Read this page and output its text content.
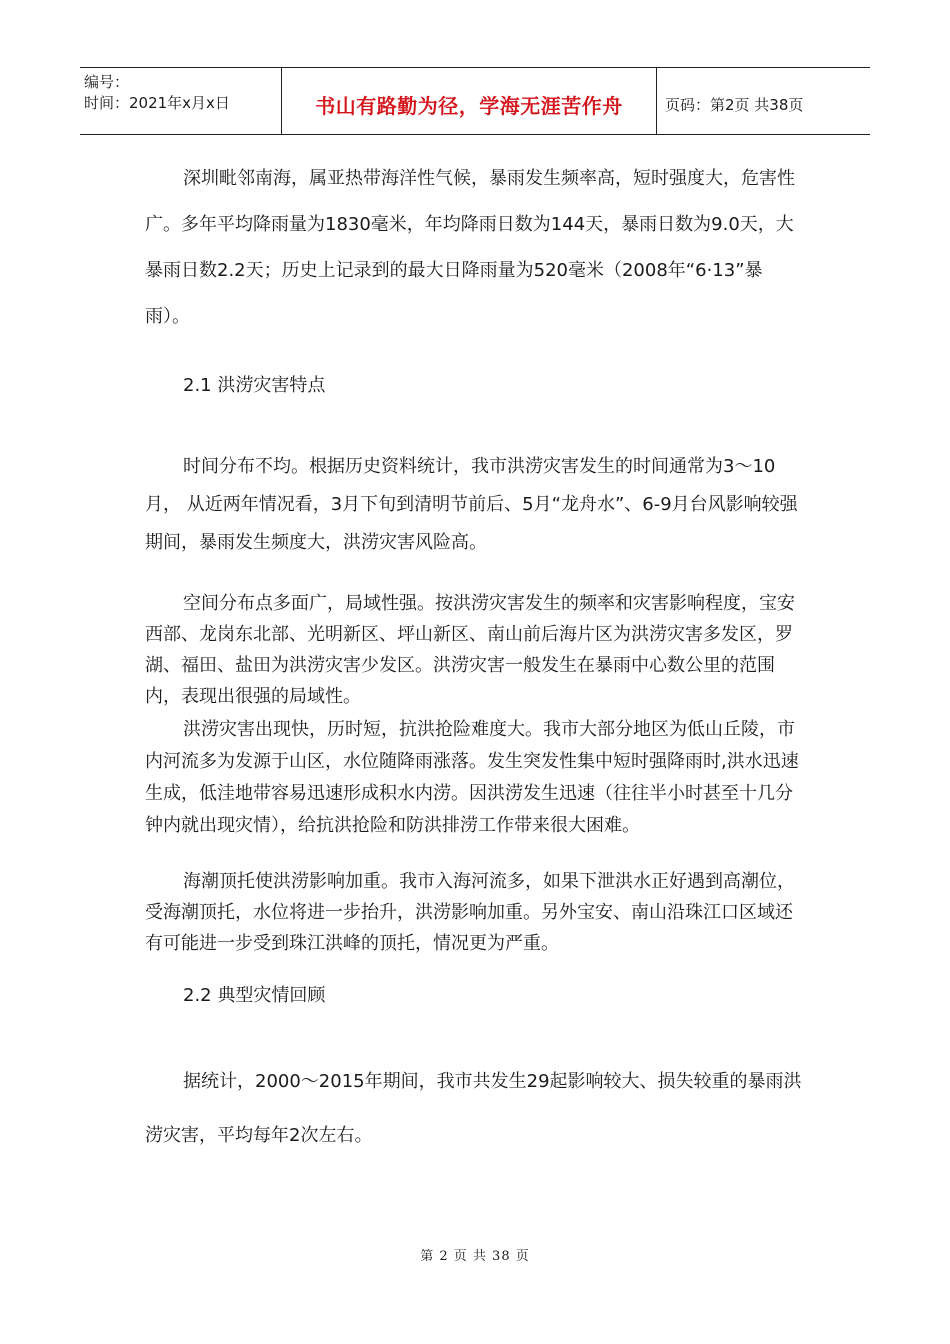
编号：
时间：2021年x月x日	书山有路勤为径，学海无涯苦作舟	页码：第2页 共38页

深圳毗邻南海，属亚热带海洋性气候，暴雨发生频率高，短时强度大，危害性广。多年平均降雨量为1830毫米，年均降雨日数为144天，暴雨日数为9.0天，大暴雨日数2.2天；历史上记录到的最大日降雨量为520毫米（2008年“6·13”暴雨）。

2.1 洪涝灾害特点

时间分布不均。根据历史资料统计，我市洪涝灾害发生的时间通常为3～10月， 从近两年情况看，3月下旬到清明节前后、5月“龙舟水”、6-9月台风影响较强期间，暴雨发生频度大，洪涝灾害风险高。

空间分布点多面广，局域性强。按洪涝灾害发生的频率和灾害影响程度，宝安西部、龙岗东北部、光明新区、坪山新区、南山前后海片区为洪涝灾害多发区，罗湖、福田、盐田为洪涝灾害少发区。洪涝灾害一般发生在暴雨中心数公里的范围内，表现出很强的局域性。

洪涝灾害出现快，历时短，抗洪抢险难度大。我市大部分地区为低山丘陵，市内河流多为发源于山区，水位随降雨涨落。发生突发性集中短时强降雨时,洪水迅速生成，低洼地带容易迅速形成积水内涝。因洪涝发生迅速（往往半小时甚至十几分钟内就出现灾情），给抗洪抢险和防洪排涝工作带来很大困难。

海潮顶托使洪涝影响加重。我市入海河流多，如果下泄洪水正好遇到高潮位，受海潮顶托，水位将进一步抬升，洪涝影响加重。另外宝安、南山沿珠江口区域还有可能进一步受到珠江洪峰的顶托，情况更为严重。

2.2 典型灾情回顾

据统计，2000～2015年期间，我市共发生29起影响较大、损失较重的暴雨洪涝灾害，平均每年2次左右。

第 2 页 共 38 页
